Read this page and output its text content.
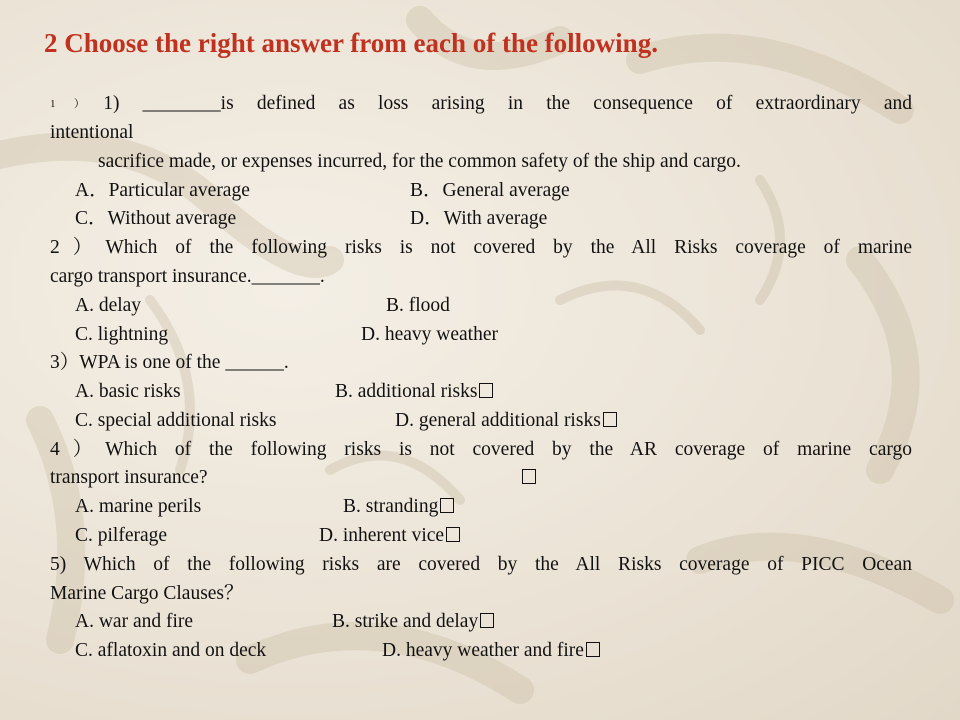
2 Choose the right answer from each of the following.
1）1) ________is defined as loss arising in the consequence of extraordinary and
intentional
sacrifice made, or expenses incurred, for the common safety of the ship and cargo.
A．Particular average	B．General average
C．Without average	D．With average
2）Which of the following risks is not covered by the All Risks coverage of marine
cargo transport insurance._______.
A. delay	B. flood
C. lightning	D. heavy weather
3）WPA is one of the ______.
A. basic risks	B. additional risks
C. special additional risks	D. general additional risks
4）Which of the following risks is not covered by the AR coverage of marine cargo
transport insurance?
A. marine perils	B. stranding
C. pilferage	D. inherent vice
5) Which of the following risks are covered by the All Risks coverage of PICC Ocean
Marine Cargo Clauses？
A. war and fire	B. strike and delay
C. aflatoxin and on deck	D. heavy weather and fire
